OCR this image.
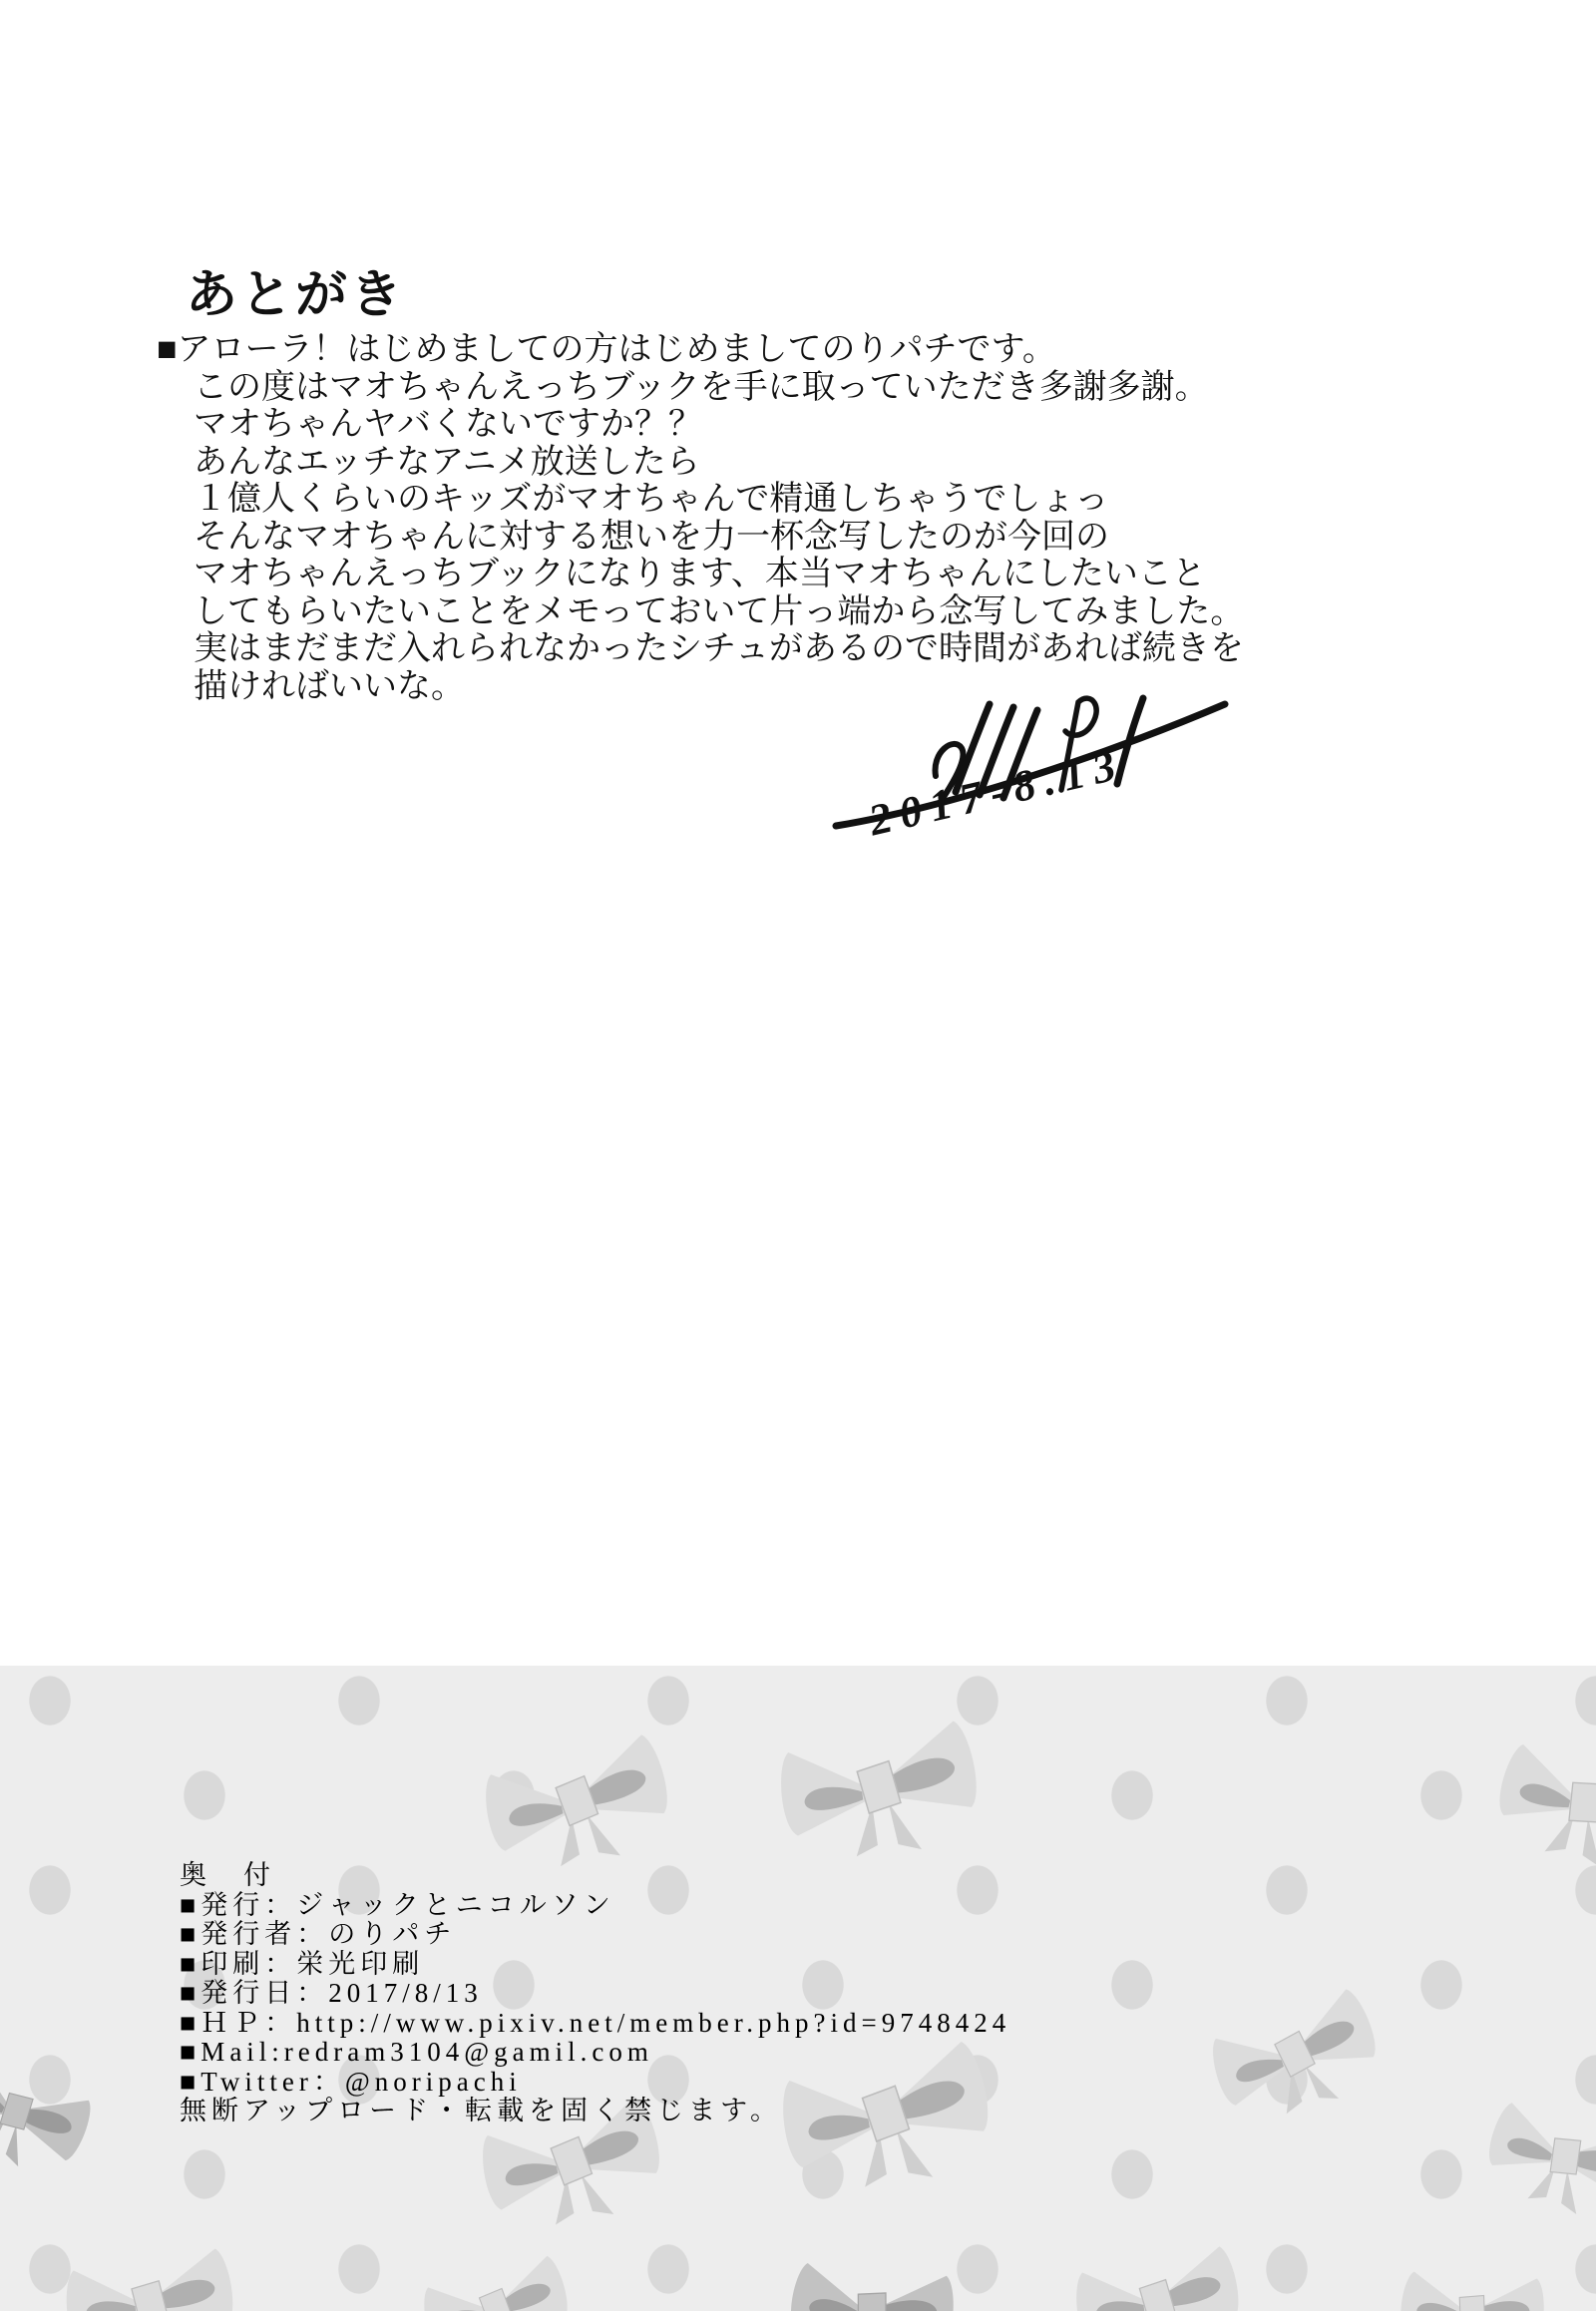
あとがき
■アローラ！はじめましての方はじめましてのりパチです。
この度はマオちゃんえっちブックを手に取っていただき多謝多謝。
マオちゃんヤバくないですか？？
あんなエッチなアニメ放送したら
１億人くらいのキッズがマオちゃんで精通しちゃうでしょっ
そんなマオちゃんに対する想いを力一杯念写したのが今回の
マオちゃんえっちブックになります、本当マオちゃんにしたいこと
してもらいたいことをメモっておいて片っ端から念写してみました。
実はまだまだ入れられなかったシチュがあるので時間があれば続きを
描ければいいな。
2017-8.13
奥　付
■発行：ジャックとニコルソン
■発行者：のりパチ
■印刷：栄光印刷
■発行日：2017/8/13
■ＨＰ：http://www.pixiv.net/member.php?id=9748424
■Mail:redram3104@gamil.com
■Twitter：@noripachi
無断アップロード・転載を固く禁じます。
